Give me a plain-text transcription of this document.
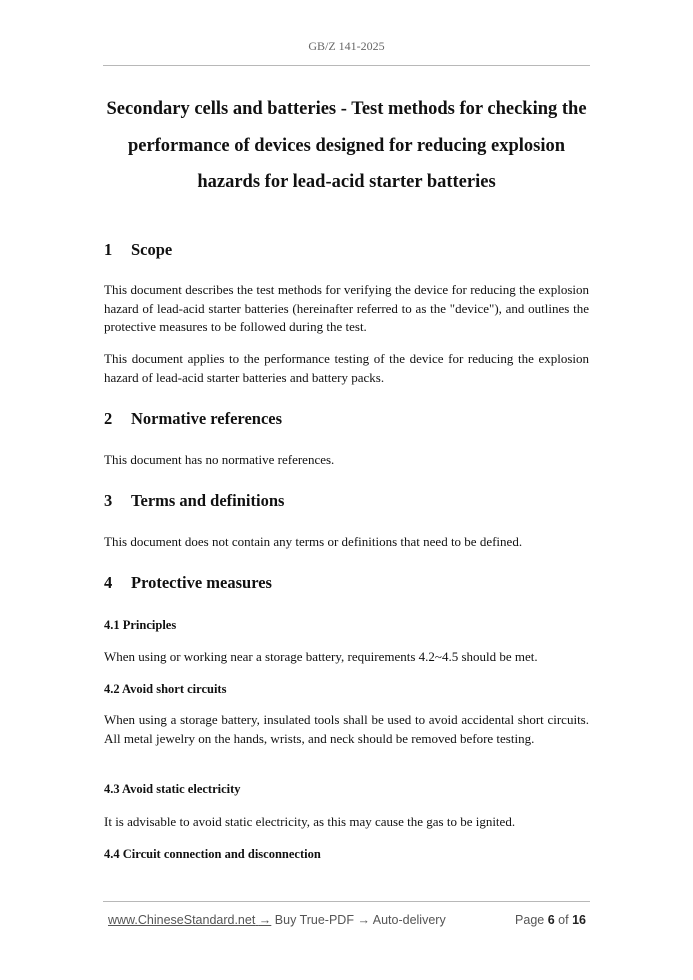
GB/Z 141-2025
Secondary cells and batteries - Test methods for checking the
performance of devices designed for reducing explosion
hazards for lead-acid starter batteries
1 Scope

This document describes the test methods for verifying the device for reducing the explosion hazard of lead-acid starter batteries (hereinafter referred to as the "device"), and outlines the protective measures to be followed during the test.

This document applies to the performance testing of the device for reducing the explosion hazard of lead-acid starter batteries and battery packs.

2 Normative references

This document has no normative references.

3 Terms and definitions

This document does not contain any terms or definitions that need to be defined.

4 Protective measures
4.1 Principles

When using or working near a storage battery, requirements 4.2~4.5 should be met.

4.2 Avoid short circuits

When using a storage battery, insulated tools shall be used to avoid accidental short circuits. All metal jewelry on the hands, wrists, and neck should be removed before testing.

4.3 Avoid static electricity

It is advisable to avoid static electricity, as this may cause the gas to be ignited.

4.4 Circuit connection and disconnection
www.ChineseStandard.net → Buy True-PDF → Auto-delivery	Page 6 of 16
